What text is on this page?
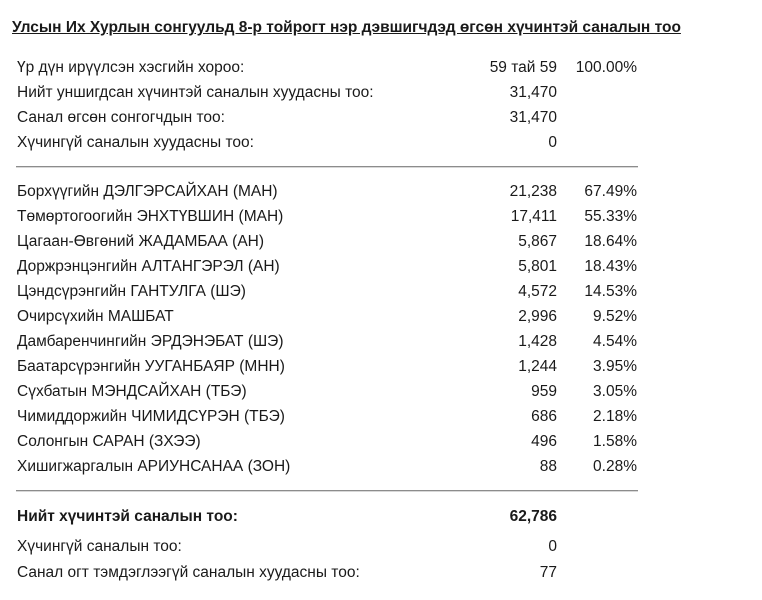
Улсын Их Хурлын сонгуульд 8-р тойрогт нэр дэвшигчдэд өгсөн хүчинтэй саналын тоо
Үр дүн ирүүлсэн хэсгийн хороо:	59 тай 59 100.00%
Нийт уншигдсан хүчинтэй саналын хуудасны тоо:	31,470
Санал өгсөн сонгогчдын тоо:	31,470
Хүчингүй саналын хуудасны тоо:	0
Борхүүгийн ДЭЛГЭРСАЙХАН (МАН)	21,238 67.49%
Төмөртогоогийн ЭНХТҮВШИН (МАН)	17,411 55.33%
Цагаан-Өвгөний ЖАДАМБАА (АН)	5,867 18.64%
Доржрэнцэнгийн АЛТАНГЭРЭЛ (АН)	5,801 18.43%
Цэндсүрэнгийн ГАНТУЛГА (ШЭ)	4,572 14.53%
Очирсүхийн МАШБАТ	2,996 9.52%
Дамбаренчингийн ЭРДЭНЭБАТ (ШЭ)	1,428 4.54%
Баатарсүрэнгийн УУГАНБАЯР (МНН)	1,244 3.95%
Сүхбатын МЭНДСАЙХАН (ТБЭ)	959 3.05%
Чимиддоржийн ЧИМИДСҮРЭН (ТБЭ)	686 2.18%
Солонгын САРАН (ЗХЭЭ)	496 1.58%
Хишигжаргалын АРИУНСАНАА (ЗОН)	88 0.28%
Нийт хүчинтэй саналын тоо:	62,786
Хүчингүй саналын тоо:	0
Санал огт тэмдэглээгүй саналын хуудасны тоо:	77
